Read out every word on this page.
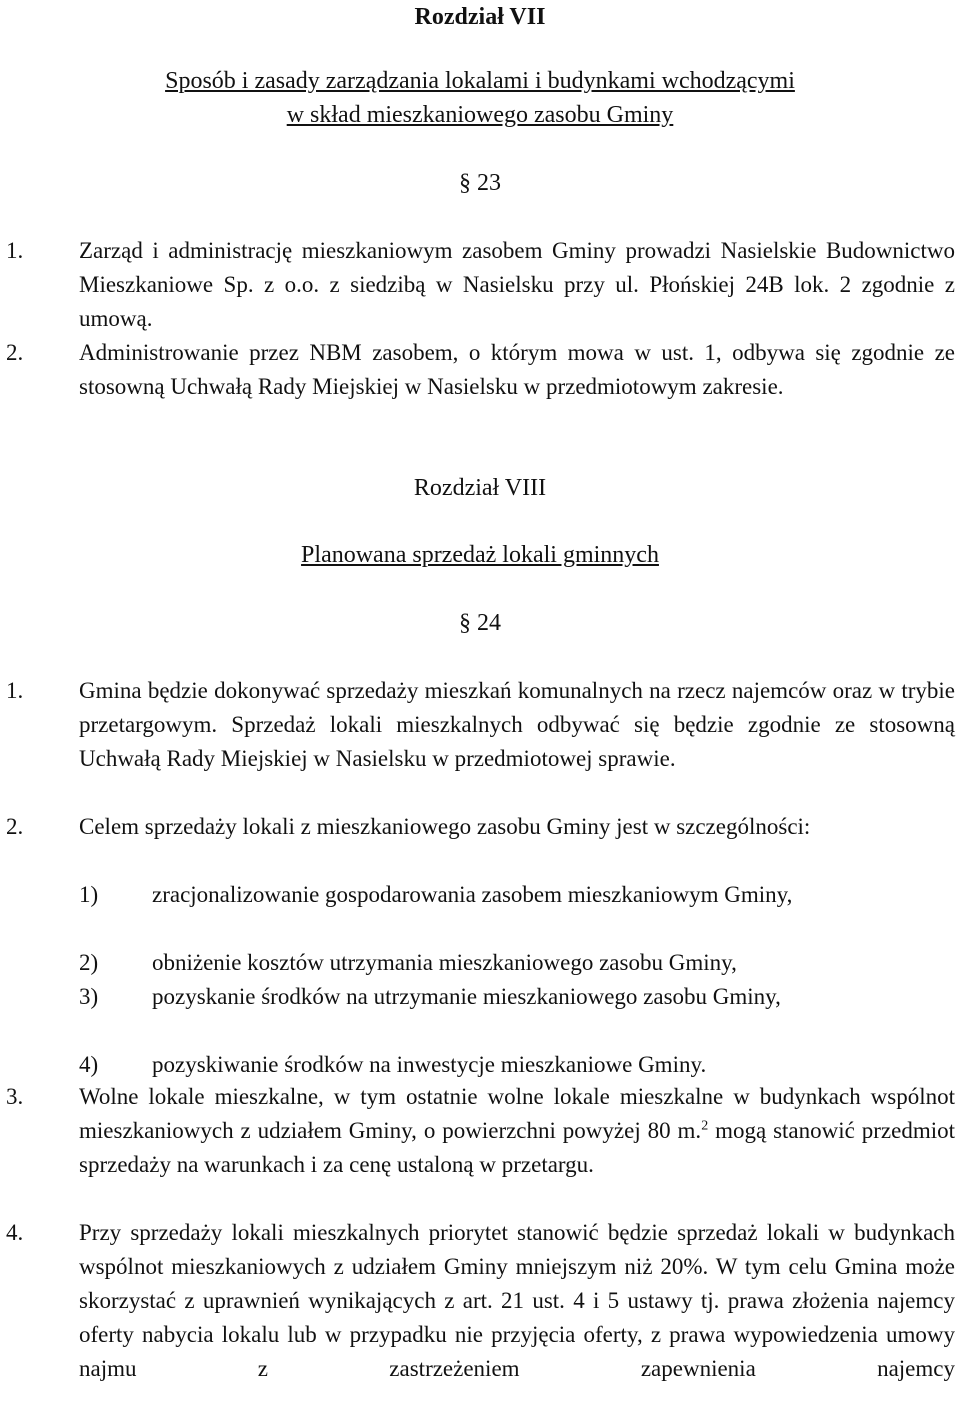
Rozdział VII
Sposób i zasady zarządzania lokalami i budynkami wchodzącymi
w skład mieszkaniowego zasobu Gminy
§ 23
1. Zarząd i administrację mieszkaniowym zasobem Gminy prowadzi Nasielskie Budownictwo Mieszkaniowe Sp. z o.o. z siedzibą w Nasielsku przy ul. Płońskiej 24B lok. 2 zgodnie z umową.
2. Administrowanie przez NBM zasobem, o którym mowa w ust. 1, odbywa się zgodnie ze stosowną Uchwałą Rady Miejskiej w Nasielsku w przedmiotowym zakresie.
Rozdział VIII
Planowana sprzedaż lokali gminnych
§ 24
1. Gmina będzie dokonywać sprzedaży mieszkań komunalnych na rzecz najemców oraz w trybie przetargowym. Sprzedaż lokali mieszkalnych odbywać się będzie zgodnie ze stosowną Uchwałą Rady Miejskiej w Nasielsku w przedmiotowej sprawie.
2. Celem sprzedaży lokali z mieszkaniowego zasobu Gminy jest w szczególności:
1) zracjonalizowanie gospodarowania zasobem mieszkaniowym Gminy,
2) obniżenie kosztów utrzymania mieszkaniowego zasobu Gminy,
3) pozyskanie środków na utrzymanie mieszkaniowego zasobu Gminy,
4) pozyskiwanie środków na inwestycje mieszkaniowe Gminy.
3. Wolne lokale mieszkalne, w tym ostatnie wolne lokale mieszkalne w budynkach wspólnot mieszkaniowych z udziałem Gminy, o powierzchni powyżej 80 m.$^2$ mogą stanowić przedmiot sprzedaży na warunkach i za cenę ustaloną w przetargu.
4. Przy sprzedaży lokali mieszkalnych priorytet stanowić będzie sprzedaż lokali w budynkach wspólnot mieszkaniowych z udziałem Gminy mniejszym niż 20%. W tym celu Gmina może skorzystać z uprawnień wynikających z art. 21 ust. 4 i 5 ustawy tj. prawa złożenia najemcy oferty nabycia lokalu lub w przypadku nie przyjęcia oferty, z prawa wypowiedzenia umowy najmu z zastrzeżeniem zapewnienia najemcy
